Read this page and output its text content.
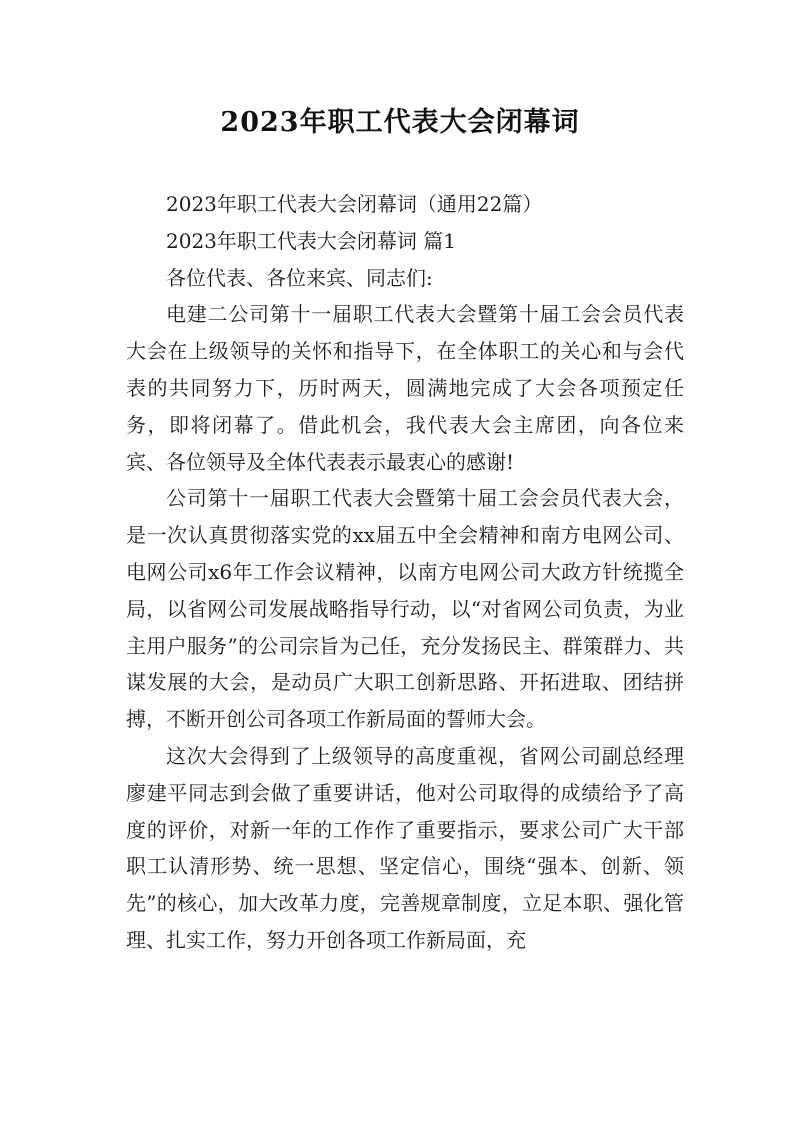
2023年职工代表大会闭幕词

2023年职工代表大会闭幕词（通用22篇）

2023年职工代表大会闭幕词 篇1

各位代表、各位来宾、同志们:

电建二公司第十一届职工代表大会暨第十届工会会员代表大会在上级领导的关怀和指导下，在全体职工的关心和与会代表的共同努力下，历时两天，圆满地完成了大会各项预定任务，即将闭幕了。借此机会，我代表大会主席团，向各位来宾、各位领导及全体代表表示最衷心的感谢!

公司第十一届职工代表大会暨第十届工会会员代表大会，是一次认真贯彻落实党的xx届五中全会精神和南方电网公司、电网公司x6年工作会议精神，以南方电网公司大政方针统揽全局，以省网公司发展战略指导行动，以“对省网公司负责，为业主用户服务”的公司宗旨为己任，充分发扬民主、群策群力、共谋发展的大会，是动员广大职工创新思路、开拓进取、团结拼搏，不断开创公司各项工作新局面的誓师大会。

这次大会得到了上级领导的高度重视，省网公司副总经理廖建平同志到会做了重要讲话，他对公司取得的成绩给予了高度的评价，对新一年的工作作了重要指示，要求公司广大干部职工认清形势、统一思想、坚定信心，围绕“强本、创新、领先”的核心，加大改革力度，完善规章制度，立足本职、强化管理、扎实工作，努力开创各项工作新局面，充
